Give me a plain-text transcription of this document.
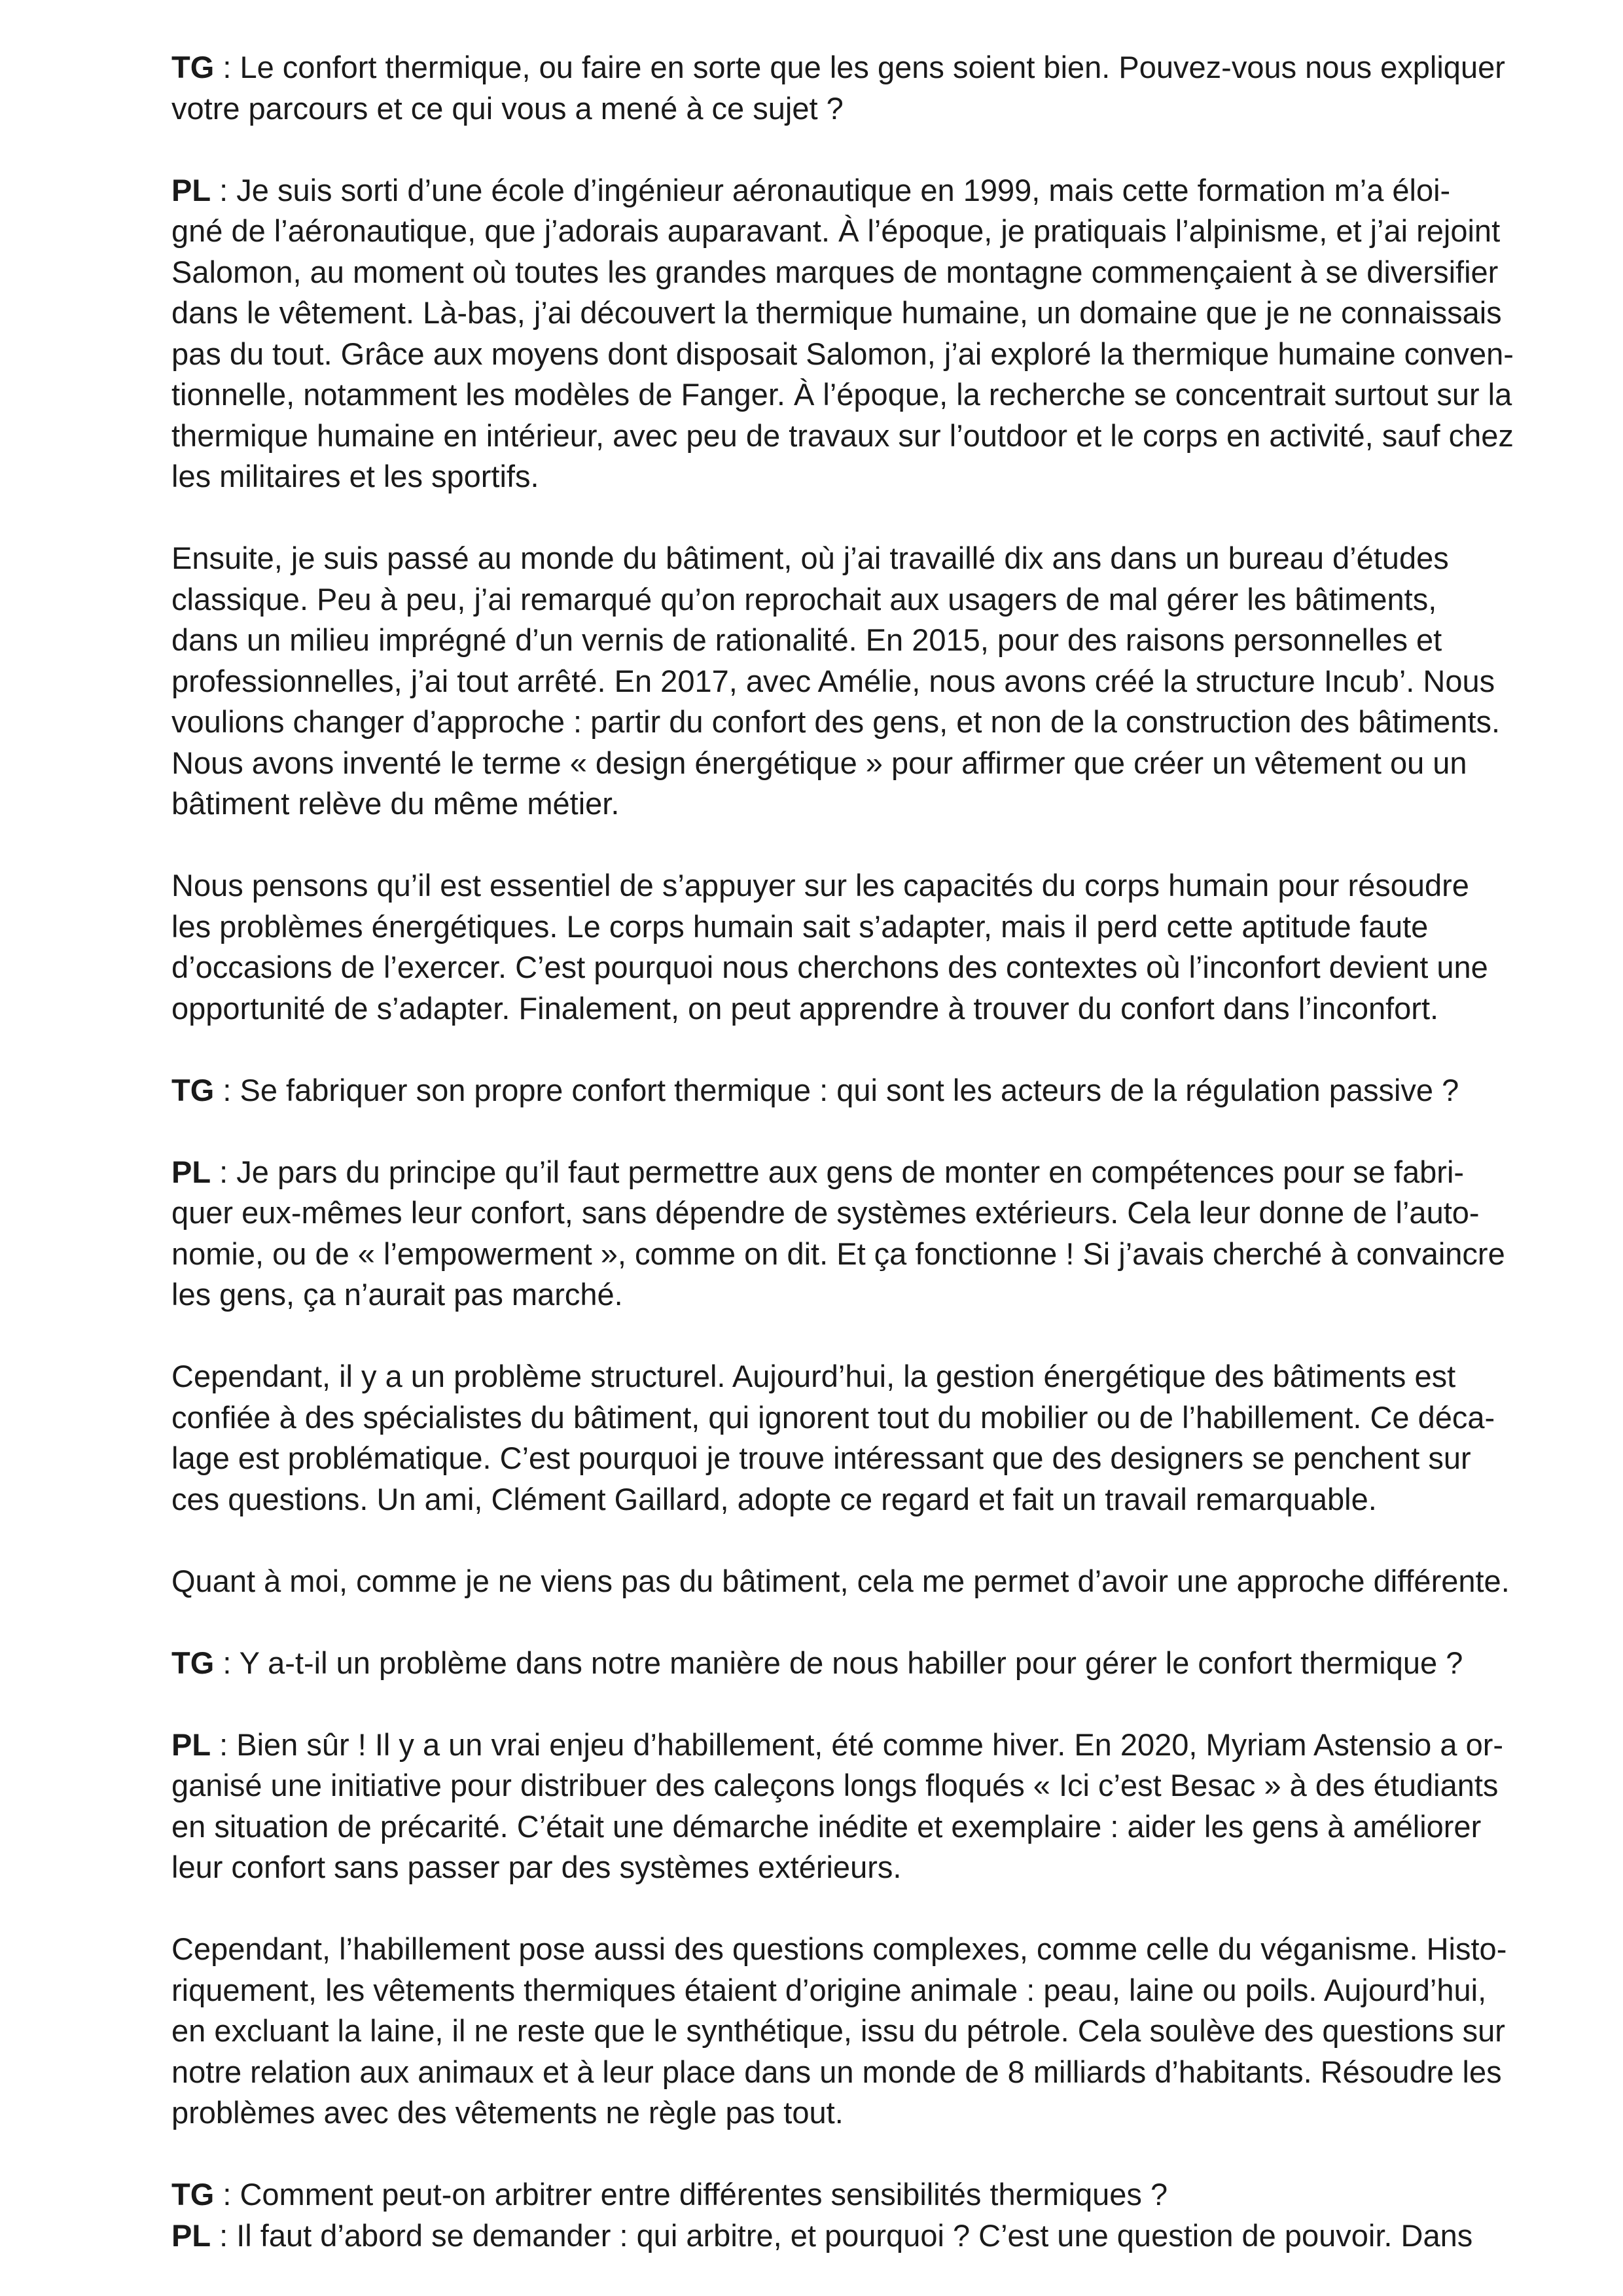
TG : Le confort thermique, ou faire en sorte que les gens soient bien. Pouvez-vous nous expliquer
votre parcours et ce qui vous a mené à ce sujet ?

PL : Je suis sorti d’une école d’ingénieur aéronautique en 1999, mais cette formation m’a éloi-
gné de l’aéronautique, que j’adorais auparavant. À l’époque, je pratiquais l’alpinisme, et j’ai rejoint
Salomon, au moment où toutes les grandes marques de montagne commençaient à se diversifier
dans le vêtement. Là-bas, j’ai découvert la thermique humaine, un domaine que je ne connaissais
pas du tout. Grâce aux moyens dont disposait Salomon, j’ai exploré la thermique humaine conven-
tionnelle, notamment les modèles de Fanger. À l’époque, la recherche se concentrait surtout sur la
thermique humaine en intérieur, avec peu de travaux sur l’outdoor et le corps en activité, sauf chez
les militaires et les sportifs.

Ensuite, je suis passé au monde du bâtiment, où j’ai travaillé dix ans dans un bureau d’études
classique. Peu à peu, j’ai remarqué qu’on reprochait aux usagers de mal gérer les bâtiments,
dans un milieu imprégné d’un vernis de rationalité. En 2015, pour des raisons personnelles et
professionnelles, j’ai tout arrêté. En 2017, avec Amélie, nous avons créé la structure Incub’. Nous
voulions changer d’approche : partir du confort des gens, et non de la construction des bâtiments.
Nous avons inventé le terme « design énergétique » pour affirmer que créer un vêtement ou un
bâtiment relève du même métier.

Nous pensons qu’il est essentiel de s’appuyer sur les capacités du corps humain pour résoudre
les problèmes énergétiques. Le corps humain sait s’adapter, mais il perd cette aptitude faute
d’occasions de l’exercer. C’est pourquoi nous cherchons des contextes où l’inconfort devient une
opportunité de s’adapter. Finalement, on peut apprendre à trouver du confort dans l’inconfort.

TG : Se fabriquer son propre confort thermique : qui sont les acteurs de la régulation passive ?

PL : Je pars du principe qu’il faut permettre aux gens de monter en compétences pour se fabri-
quer eux-mêmes leur confort, sans dépendre de systèmes extérieurs. Cela leur donne de l’auto-
nomie, ou de « l’empowerment », comme on dit. Et ça fonctionne ! Si j’avais cherché à convaincre
les gens, ça n’aurait pas marché.

Cependant, il y a un problème structurel. Aujourd’hui, la gestion énergétique des bâtiments est
confiée à des spécialistes du bâtiment, qui ignorent tout du mobilier ou de l’habillement. Ce déca-
lage est problématique. C’est pourquoi je trouve intéressant que des designers se penchent sur
ces questions. Un ami, Clément Gaillard, adopte ce regard et fait un travail remarquable.

Quant à moi, comme je ne viens pas du bâtiment, cela me permet d’avoir une approche différente.

TG : Y a-t-il un problème dans notre manière de nous habiller pour gérer le confort thermique ?

PL : Bien sûr ! Il y a un vrai enjeu d’habillement, été comme hiver. En 2020, Myriam Astensio a or-
ganisé une initiative pour distribuer des caleçons longs floqués « Ici c’est Besac » à des étudiants
en situation de précarité. C’était une démarche inédite et exemplaire : aider les gens à améliorer
leur confort sans passer par des systèmes extérieurs.

Cependant, l’habillement pose aussi des questions complexes, comme celle du véganisme. Histo-
riquement, les vêtements thermiques étaient d’origine animale : peau, laine ou poils. Aujourd’hui,
en excluant la laine, il ne reste que le synthétique, issu du pétrole. Cela soulève des questions sur
notre relation aux animaux et à leur place dans un monde de 8 milliards d’habitants. Résoudre les
problèmes avec des vêtements ne règle pas tout.

TG : Comment peut-on arbitrer entre différentes sensibilités thermiques ?

PL : Il faut d’abord se demander : qui arbitre, et pourquoi ? C’est une question de pouvoir. Dans
